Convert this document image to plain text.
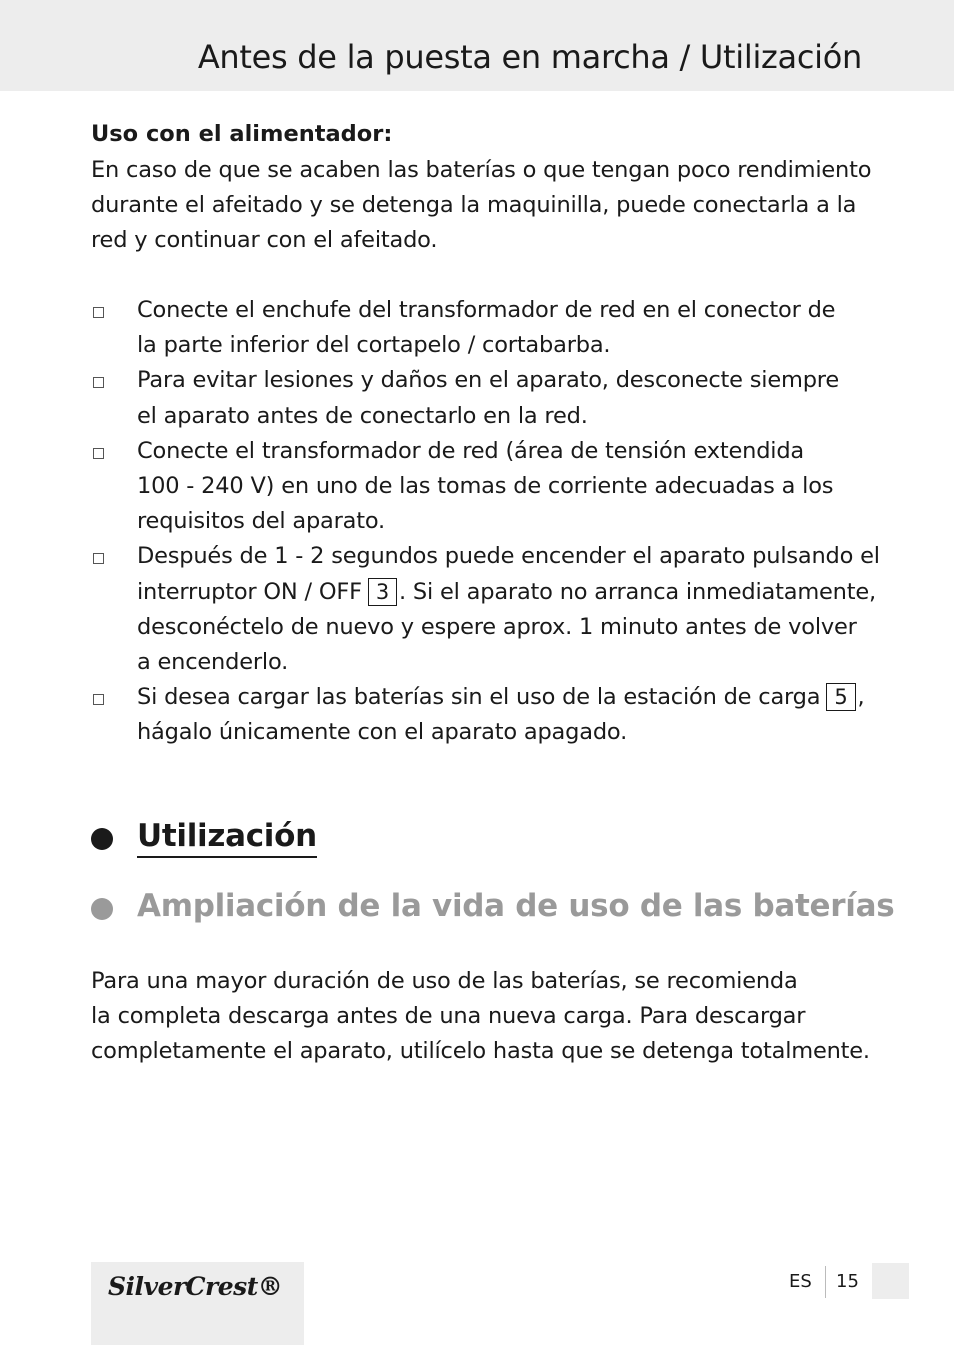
Antes de la puesta en marcha / Utilización
Uso con el alimentador:

En caso de que se acaben las baterías o que tengan poco rendimiento

durante el afeitado y se detenga la maquinilla, puede conectarla a la

red y continuar con el afeitado.

Conecte el enchufe del transformador de red en el conector de

la parte inferior del cortapelo / cortabarba.

Para evitar lesiones y daños en el aparato, desconecte siempre

el aparato antes de conectarlo en la red.

Conecte el transformador de red (área de tensión extendida

100 - 240 V) en uno de las tomas de corriente adecuadas a los

requisitos del aparato.

Después de 1 - 2 segundos puede encender el aparato pulsando el

interruptor ON / OFF 3 . Si el aparato no arranca inmediatamente,

desconéctelo de nuevo y espere aprox. 1 minuto antes de volver

a encenderlo.

Si desea cargar las baterías sin el uso de la estación de carga 5 ,

hágalo únicamente con el aparato apagado.

Utilización
Ampliación de la vida de uso de las baterías

Para una mayor duración de uso de las baterías, se recomienda

la completa descarga antes de una nueva carga. Para descargar

completamente el aparato, utilícelo hasta que se detenga totalmente.

SilverCrest®	ES 15
